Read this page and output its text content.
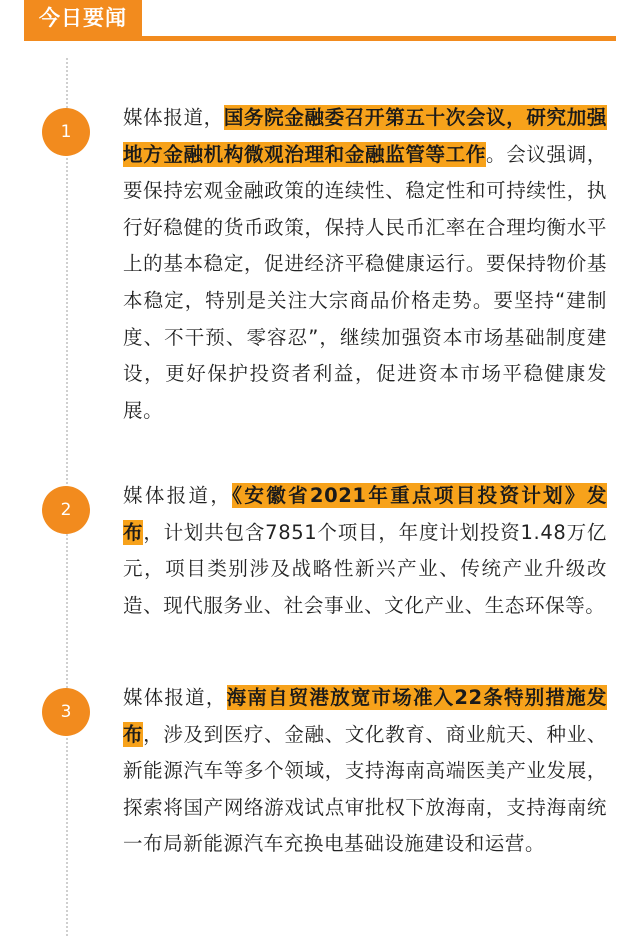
今日要闻
1

媒体报道，国务院金融委召开第五十次会议，研究加强地方金融机构微观治理和金融监管等工作。会议强调，要保持宏观金融政策的连续性、稳定性和可持续性，执行好稳健的货币政策，保持人民币汇率在合理均衡水平上的基本稳定，促进经济平稳健康运行。要保持物价基本稳定，特别是关注大宗商品价格走势。要坚持“建制度、不干预、零容忍”，继续加强资本市场基础制度建设，更好保护投资者利益，促进资本市场平稳健康发展。

2

媒体报道，《安徽省2021年重点项目投资计划》发布，计划共包含7851个项目，年度计划投资1.48万亿元，项目类别涉及战略性新兴产业、传统产业升级改造、现代服务业、社会事业、文化产业、生态环保等。

3

媒体报道，海南自贸港放宽市场准入22条特别措施发布，涉及到医疗、金融、文化教育、商业航天、种业、新能源汽车等多个领域，支持海南高端医美产业发展，探索将国产网络游戏试点审批权下放海南，支持海南统一布局新能源汽车充换电基础设施建设和运营。
